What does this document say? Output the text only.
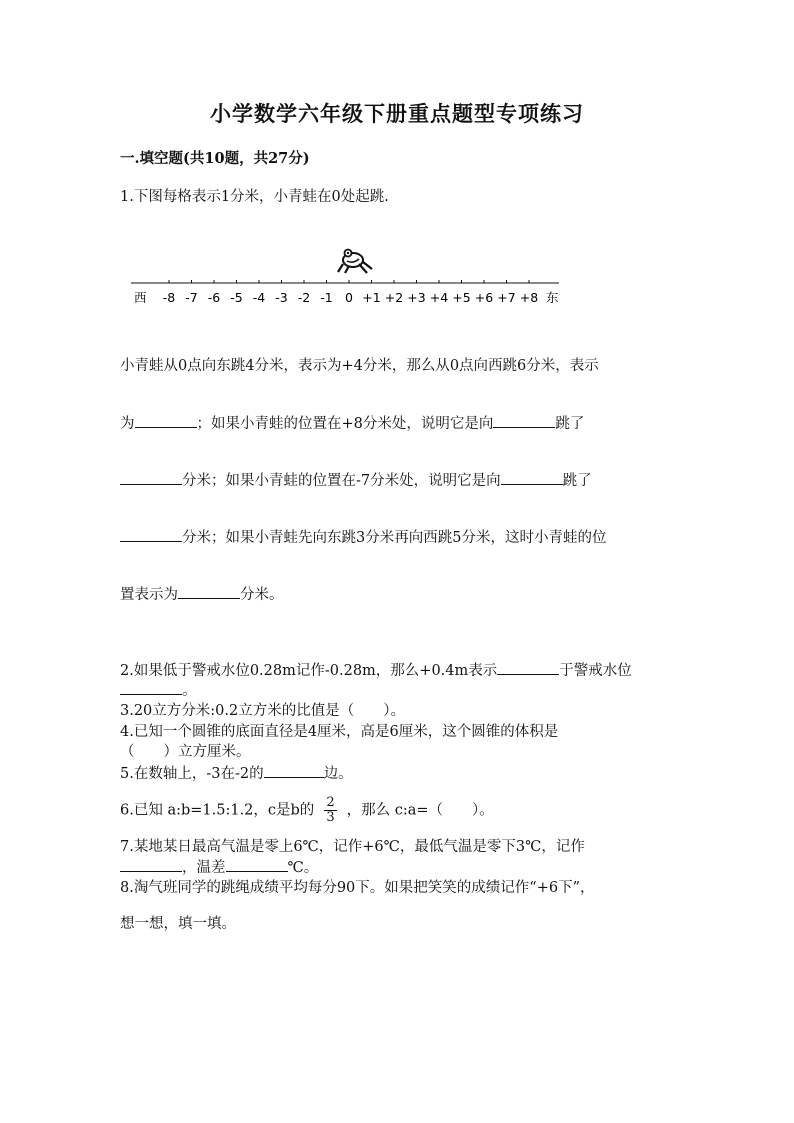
小学数学六年级下册重点题型专项练习
一.填空题(共10题，共27分)
1.下图每格表示1分米，小青蛙在0处起跳.
-8 -7 -6 -5 -4 -3 -2 -1 0 +1 +2 +3 +4 +5 +6 +7 +8
西	东
小青蛙从0点向东跳4分米，表示为+4分米，那么从0点向西跳6分米，表示
为	；如果小青蛙的位置在+8分米处，说明它是向	跳了
分米；如果小青蛙的位置在-7分米处，说明它是向	跳了
分米；如果小青蛙先向东跳3分米再向西跳5分米，这时小青蛙的位
置表示为	分米。
2.如果低于警戒水位0.28m记作-0.28m，那么+0.4m表示	于警戒水位
。
3.20立方分米:0.2立方米的比值是（　　）。
4.已知一个圆锥的底面直径是4厘米，高是6厘米，这个圆锥的体积是
（　　）立方厘米。
5.在数轴上，-3在-2的	边。
6.已知 a:b=1.5:1.2，c是b的 $\frac{2}{3}$ ，那么 c:a=（　　）。
7.某地某日最高气温是零上6℃，记作+6℃，最低气温是零下3℃，记作
，温差	℃。
8.淘气班同学的跳绳成绩平均每分90下。如果把笑笑的成绩记作“+6下”，
想一想，填一填。
